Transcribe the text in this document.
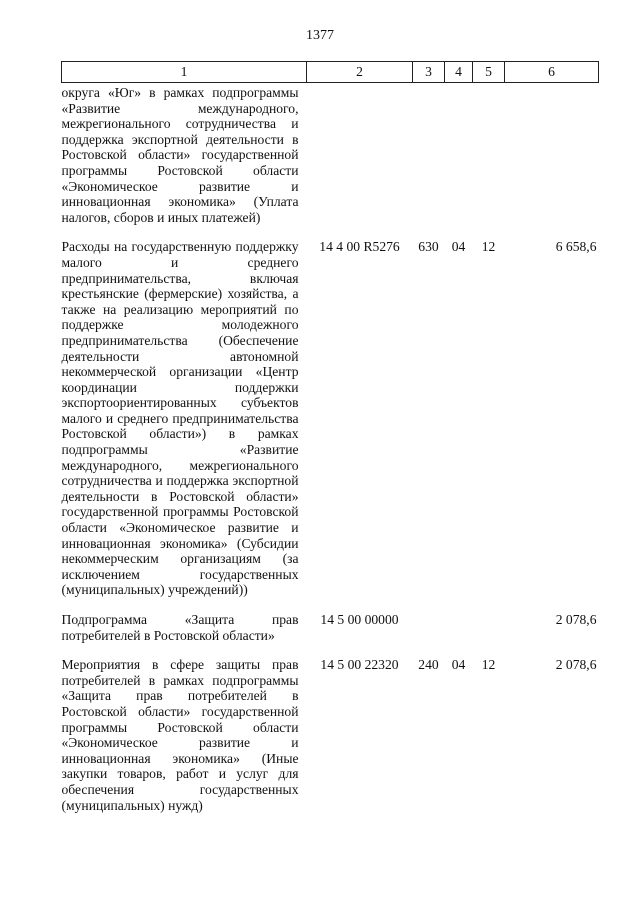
1377
1	2	3	4	5	6
округа «Юг» в рамках подпрограммы «Развитие международного, межрегионального сотрудничества и поддержка экспортной деятельности в Ростовской области» государственной программы Ростовской области «Экономическое развитие и инновационная экономика» (Уплата налогов, сборов и иных платежей)					
Расходы на государственную поддержку малого и среднего предпринимательства, включая крестьянские (фермерские) хозяйства, а также на реализацию мероприятий по поддержке молодежного предпринимательства (Обеспечение деятельности автономной некоммерческой организации «Центр координации поддержки экспортоориентированных субъектов малого и среднего предпринимательства Ростовской области») в рамках подпрограммы «Развитие международного, межрегионального сотрудничества и поддержка экспортной деятельности в Ростовской области» государственной программы Ростовской области «Экономическое развитие и инновационная экономика» (Субсидии некоммерческим организациям (за исключением государственных (муниципальных) учреждений))	14 4 00 R5276	630	04	12	6 658,6
Подпрограмма «Защита прав потребителей в Ростовской области»	14 5 00 00000				2 078,6
Мероприятия в сфере защиты прав потребителей в рамках подпрограммы «Защита прав потребителей в Ростовской области» государственной программы Ростовской области «Экономическое развитие и инновационная экономика» (Иные закупки товаров, работ и услуг для обеспечения государственных (муниципальных) нужд)	14 5 00 22320	240	04	12	2 078,6
